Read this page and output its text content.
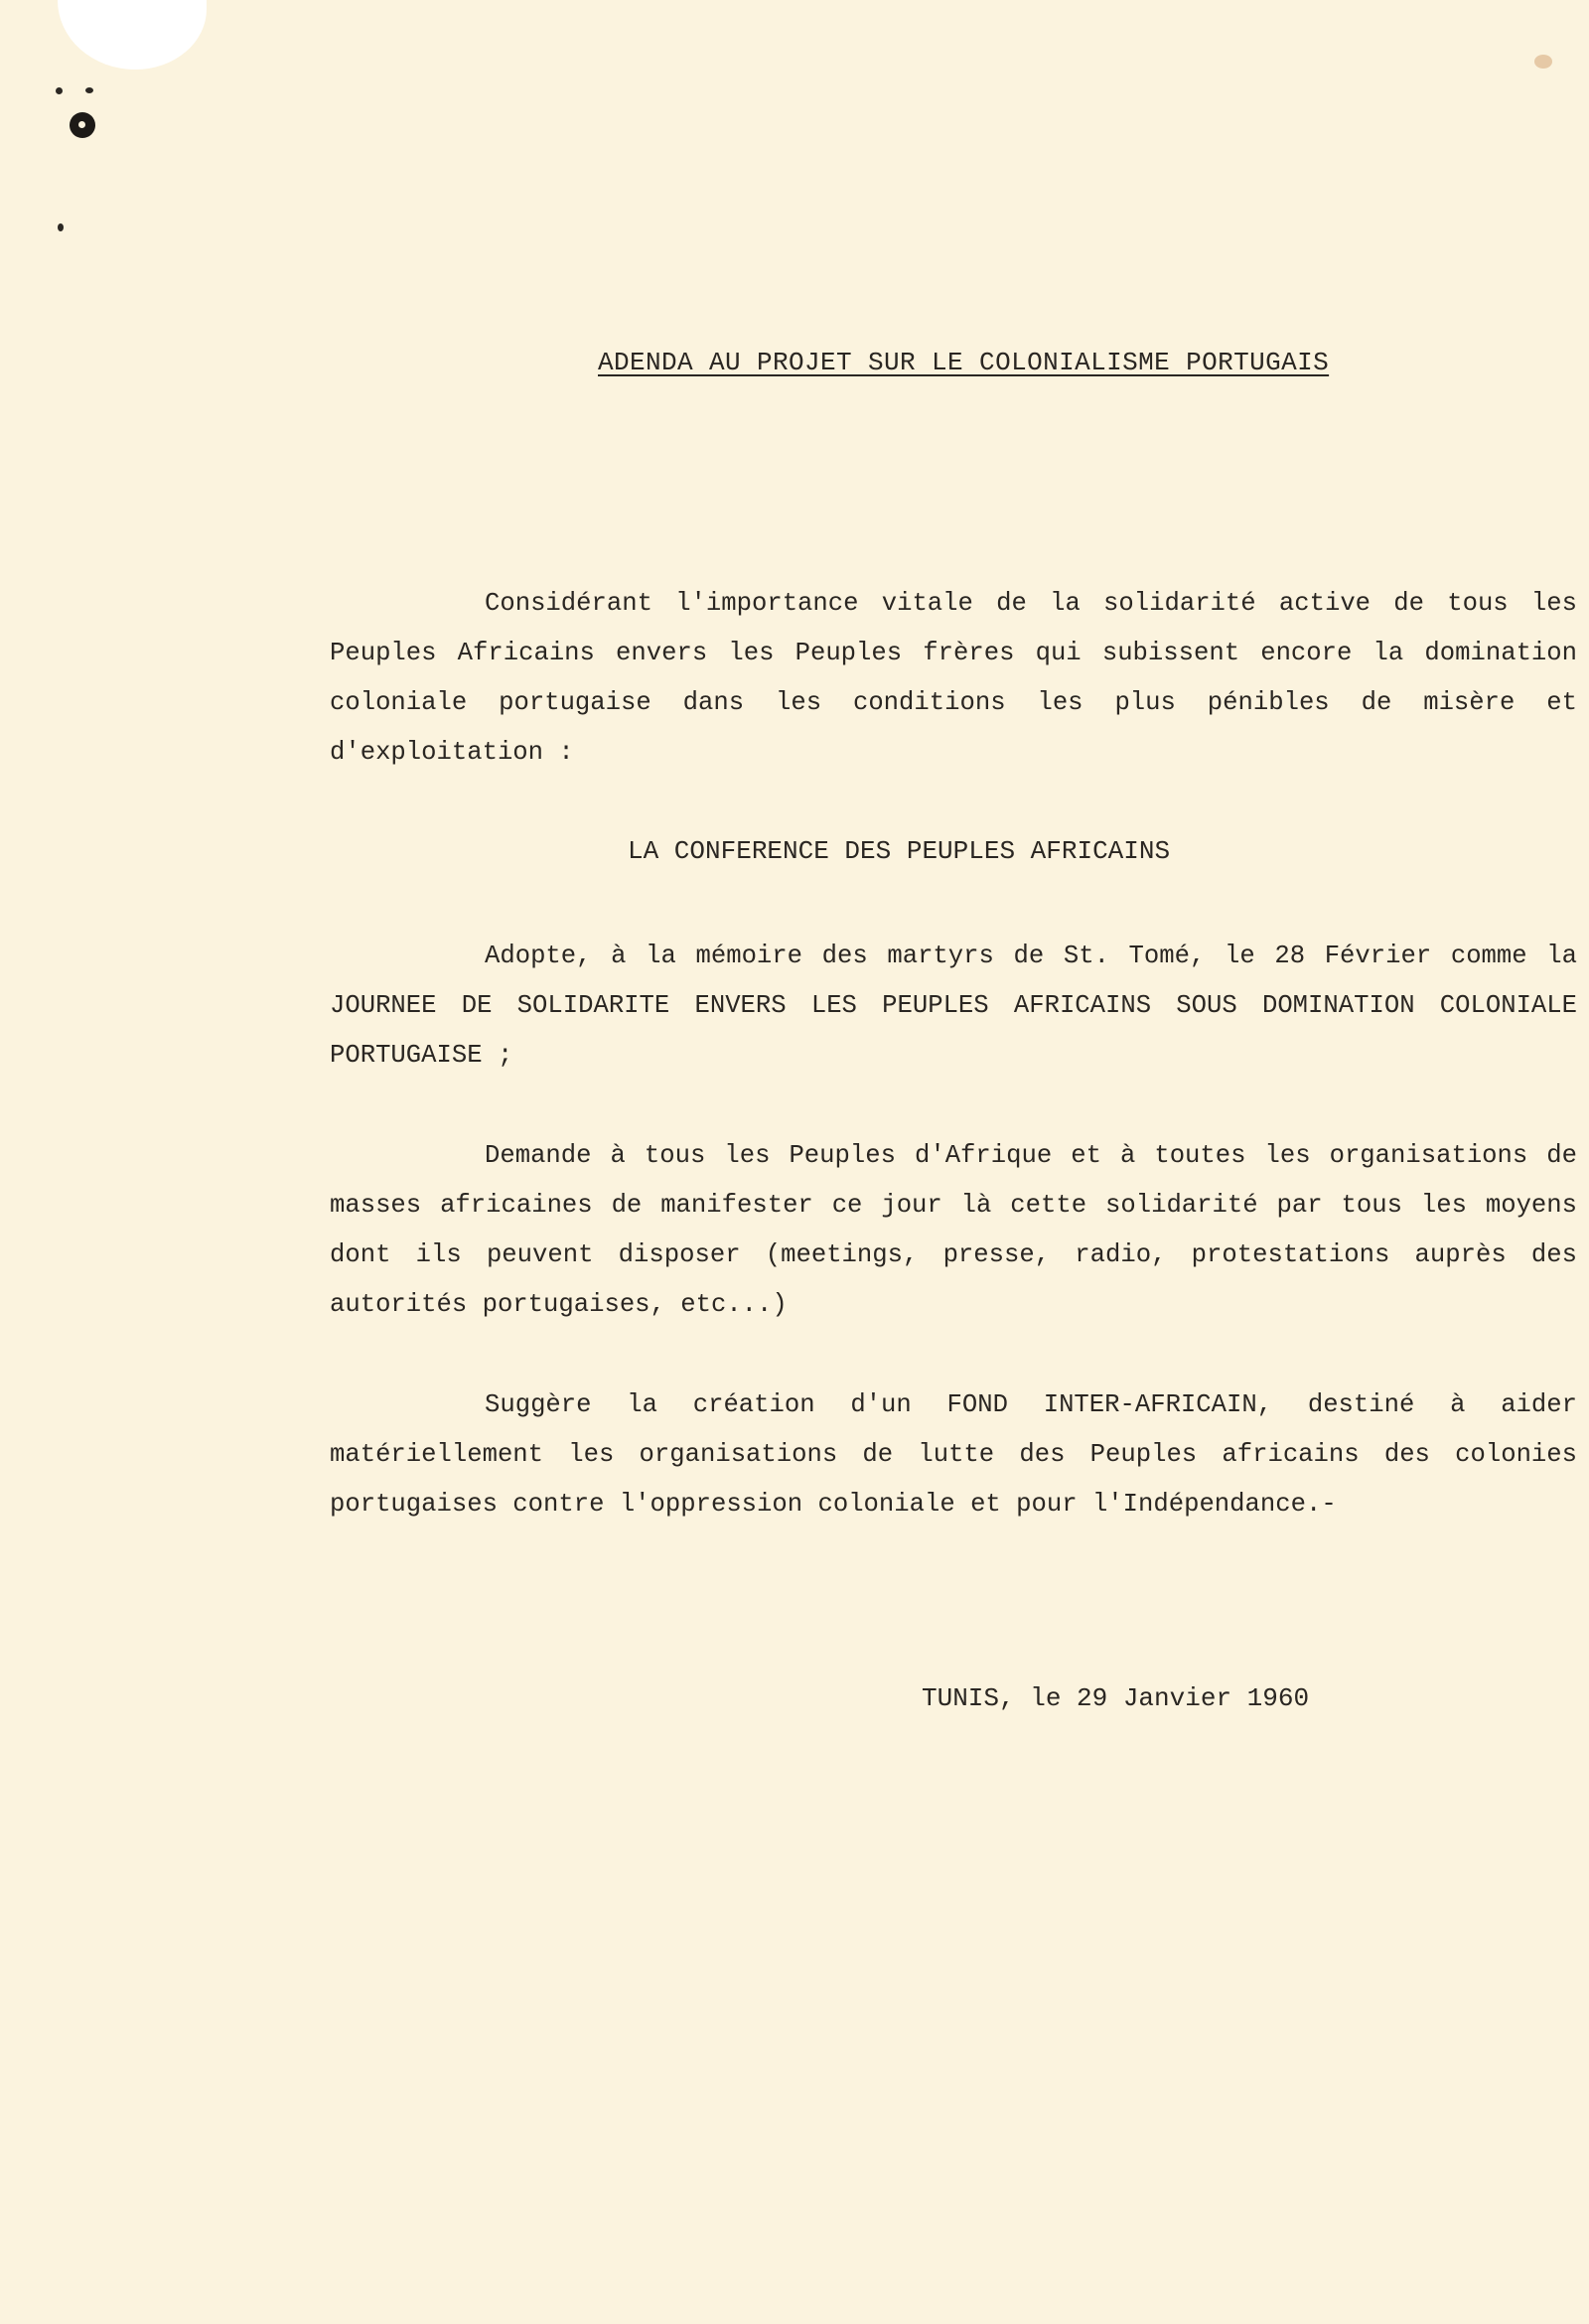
ADENDA AU PROJET SUR LE COLONIALISME PORTUGAIS

Considérant l'importance vitale de la solidarité active de tous les Peuples Africains envers les Peuples frères qui subissent encore la domination coloniale portugaise dans les conditions les plus pénibles de misère et d'exploitation :

LA CONFERENCE DES PEUPLES AFRICAINS

Adopte, à la mémoire des martyrs de St. Tomé, le 28 Février comme la JOURNEE DE SOLIDARITE ENVERS LES PEUPLES AFRICAINS SOUS DOMINATION COLONIALE PORTUGAISE ;

Demande à tous les Peuples d'Afrique et à toutes les organisations de masses africaines de manifester ce jour là cette solidarité par tous les moyens dont ils peuvent disposer (meetings, presse, radio, protestations auprès des autorités portugaises, etc...)

Suggère la création d'un FOND INTER-AFRICAIN, destiné à aider matériellement les organisations de lutte des Peuples africains des colonies portugaises contre l'oppression coloniale et pour l'Indépendance.-

TUNIS, le 29 Janvier 1960
